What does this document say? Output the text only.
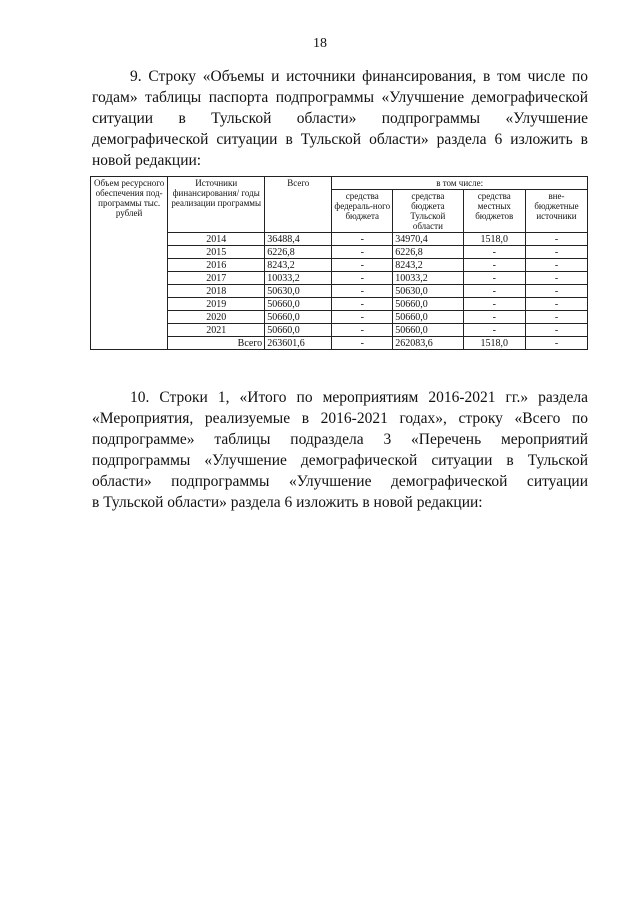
18
9. Строку «Объемы и источники финансирования, в том числе по
годам» таблицы паспорта подпрограммы «Улучшение демографической
ситуации в Тульской области» подпрограммы «Улучшение
демографической ситуации в Тульской области» раздела 6 изложить в
новой редакции:
Объем ресурсного обеспечения под-программы тыс. рублей	Источники финансирования/ годы реализации программы	Всего	в том числе:			
			средства федераль-ного бюджета	средства бюджета Тульской области	средства местных бюджетов	вне-бюджетные источники
	2014	36488,4	-	34970,4	1518,0	-
	2015	6226,8	-	6226,8	-	-
	2016	8243,2	-	8243,2	-	-
	2017	10033,2	-	10033,2	-	-
	2018	50630,0	-	50630,0	-	-
	2019	50660,0	-	50660,0	-	-
	2020	50660,0	-	50660,0	-	-
	2021	50660,0	-	50660,0	-	-
	Всего	263601,6	-	262083,6	1518,0	-
10. Строки 1, «Итого по мероприятиям 2016-2021 гг.» раздела
«Мероприятия, реализуемые в 2016-2021 годах», строку «Всего по
подпрограмме» таблицы подраздела 3 «Перечень мероприятий
подпрограммы «Улучшение демографической ситуации в Тульской
области» подпрограммы «Улучшение демографической ситуации
в Тульской области» раздела 6 изложить в новой редакции:
